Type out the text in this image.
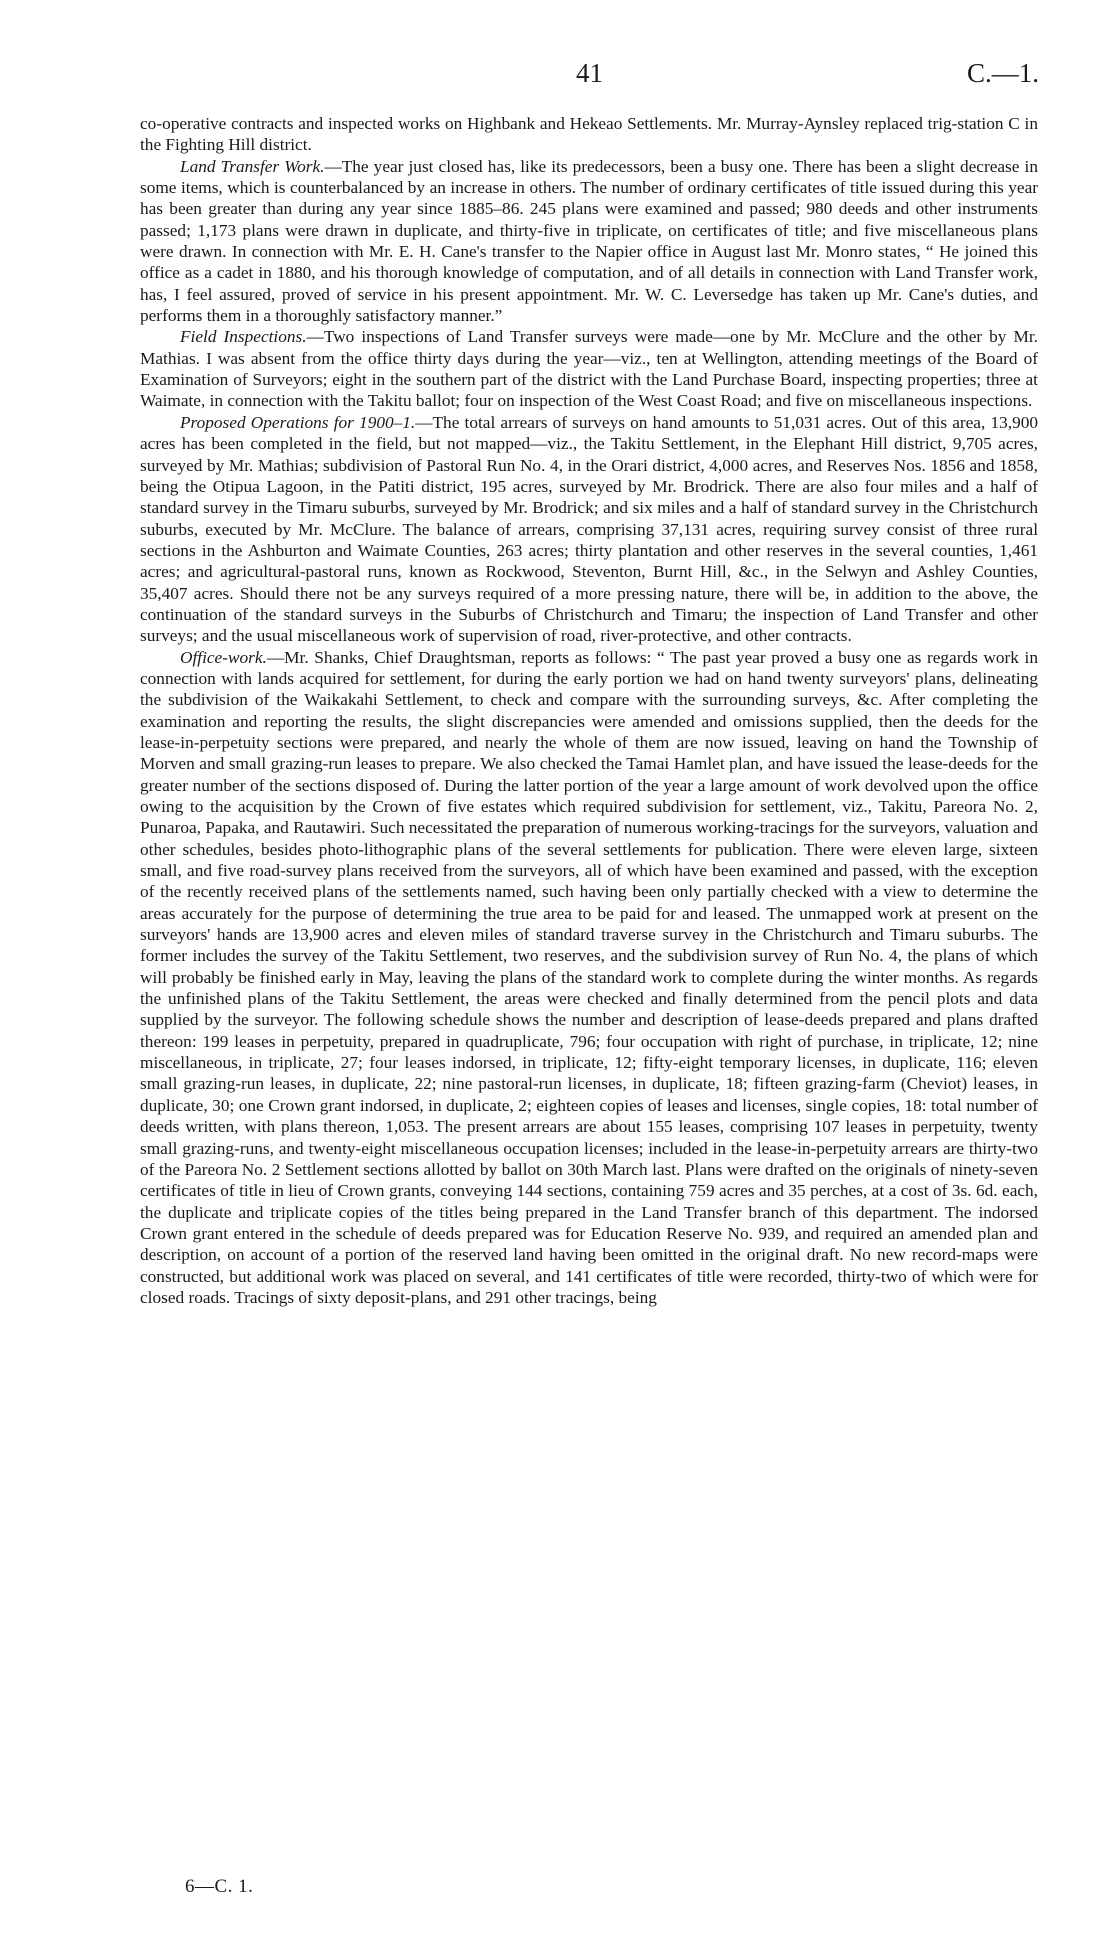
41	C.—1.

co-operative contracts and inspected works on Highbank and Hekeao Settlements. Mr. Murray-Aynsley replaced trig-station C in the Fighting Hill district.

Land Transfer Work.—The year just closed has, like its predecessors, been a busy one. There has been a slight decrease in some items, which is counterbalanced by an increase in others. The number of ordinary certificates of title issued during this year has been greater than during any year since 1885–86. 245 plans were examined and passed; 980 deeds and other instruments passed; 1,173 plans were drawn in duplicate, and thirty-five in triplicate, on certificates of title; and five miscellaneous plans were drawn. In connection with Mr. E. H. Cane's transfer to the Napier office in August last Mr. Monro states, “ He joined this office as a cadet in 1880, and his thorough knowledge of computation, and of all details in connection with Land Transfer work, has, I feel assured, proved of service in his present appointment. Mr. W. C. Leversedge has taken up Mr. Cane's duties, and performs them in a thoroughly satisfactory manner.”

Field Inspections.—Two inspections of Land Transfer surveys were made—one by Mr. McClure and the other by Mr. Mathias. I was absent from the office thirty days during the year—viz., ten at Wellington, attending meetings of the Board of Examination of Surveyors; eight in the southern part of the district with the Land Purchase Board, inspecting properties; three at Waimate, in connection with the Takitu ballot; four on inspection of the West Coast Road; and five on miscellaneous inspections.

Proposed Operations for 1900–1.—The total arrears of surveys on hand amounts to 51,031 acres. Out of this area, 13,900 acres has been completed in the field, but not mapped—viz., the Takitu Settlement, in the Elephant Hill district, 9,705 acres, surveyed by Mr. Mathias; subdivision of Pastoral Run No. 4, in the Orari district, 4,000 acres, and Reserves Nos. 1856 and 1858, being the Otipua Lagoon, in the Patiti district, 195 acres, surveyed by Mr. Brodrick. There are also four miles and a half of standard survey in the Timaru suburbs, surveyed by Mr. Brodrick; and six miles and a half of standard survey in the Christchurch suburbs, executed by Mr. McClure. The balance of arrears, comprising 37,131 acres, requiring survey consist of three rural sections in the Ashburton and Waimate Counties, 263 acres; thirty plantation and other reserves in the several counties, 1,461 acres; and agricultural-pastoral runs, known as Rockwood, Steventon, Burnt Hill, &c., in the Selwyn and Ashley Counties, 35,407 acres. Should there not be any surveys required of a more pressing nature, there will be, in addition to the above, the continuation of the standard surveys in the Suburbs of Christchurch and Timaru; the inspection of Land Transfer and other surveys; and the usual miscellaneous work of supervision of road, river-protective, and other contracts.

Office-work.—Mr. Shanks, Chief Draughtsman, reports as follows: “ The past year proved a busy one as regards work in connection with lands acquired for settlement, for during the early portion we had on hand twenty surveyors' plans, delineating the subdivision of the Waikakahi Settlement, to check and compare with the surrounding surveys, &c. After completing the examination and reporting the results, the slight discrepancies were amended and omissions supplied, then the deeds for the lease-in-perpetuity sections were prepared, and nearly the whole of them are now issued, leaving on hand the Township of Morven and small grazing-run leases to prepare. We also checked the Tamai Hamlet plan, and have issued the lease-deeds for the greater number of the sections disposed of. During the latter portion of the year a large amount of work devolved upon the office owing to the acquisition by the Crown of five estates which required subdivision for settlement, viz., Takitu, Pareora No. 2, Punaroa, Papaka, and Rautawiri. Such necessitated the preparation of numerous working-tracings for the surveyors, valuation and other schedules, besides photo-lithographic plans of the several settlements for publication. There were eleven large, sixteen small, and five road-survey plans received from the surveyors, all of which have been examined and passed, with the exception of the recently received plans of the settlements named, such having been only partially checked with a view to determine the areas accurately for the purpose of determining the true area to be paid for and leased. The unmapped work at present on the surveyors' hands are 13,900 acres and eleven miles of standard traverse survey in the Christchurch and Timaru suburbs. The former includes the survey of the Takitu Settlement, two reserves, and the subdivision survey of Run No. 4, the plans of which will probably be finished early in May, leaving the plans of the standard work to complete during the winter months. As regards the unfinished plans of the Takitu Settlement, the areas were checked and finally determined from the pencil plots and data supplied by the surveyor. The following schedule shows the number and description of lease-deeds prepared and plans drafted thereon: 199 leases in perpetuity, prepared in quadruplicate, 796; four occupation with right of purchase, in triplicate, 12; nine miscellaneous, in triplicate, 27; four leases indorsed, in triplicate, 12; fifty-eight temporary licenses, in duplicate, 116; eleven small grazing-run leases, in duplicate, 22; nine pastoral-run licenses, in duplicate, 18; fifteen grazing-farm (Cheviot) leases, in duplicate, 30; one Crown grant indorsed, in duplicate, 2; eighteen copies of leases and licenses, single copies, 18: total number of deeds written, with plans thereon, 1,053. The present arrears are about 155 leases, comprising 107 leases in perpetuity, twenty small grazing-runs, and twenty-eight miscellaneous occupation licenses; included in the lease-in-perpetuity arrears are thirty-two of the Pareora No. 2 Settlement sections allotted by ballot on 30th March last. Plans were drafted on the originals of ninety-seven certificates of title in lieu of Crown grants, conveying 144 sections, containing 759 acres and 35 perches, at a cost of 3s. 6d. each, the duplicate and triplicate copies of the titles being prepared in the Land Transfer branch of this department. The indorsed Crown grant entered in the schedule of deeds prepared was for Education Reserve No. 939, and required an amended plan and description, on account of a portion of the reserved land having been omitted in the original draft. No new record-maps were constructed, but additional work was placed on several, and 141 certificates of title were recorded, thirty-two of which were for closed roads. Tracings of sixty deposit-plans, and 291 other tracings, being

6—C. 1.
